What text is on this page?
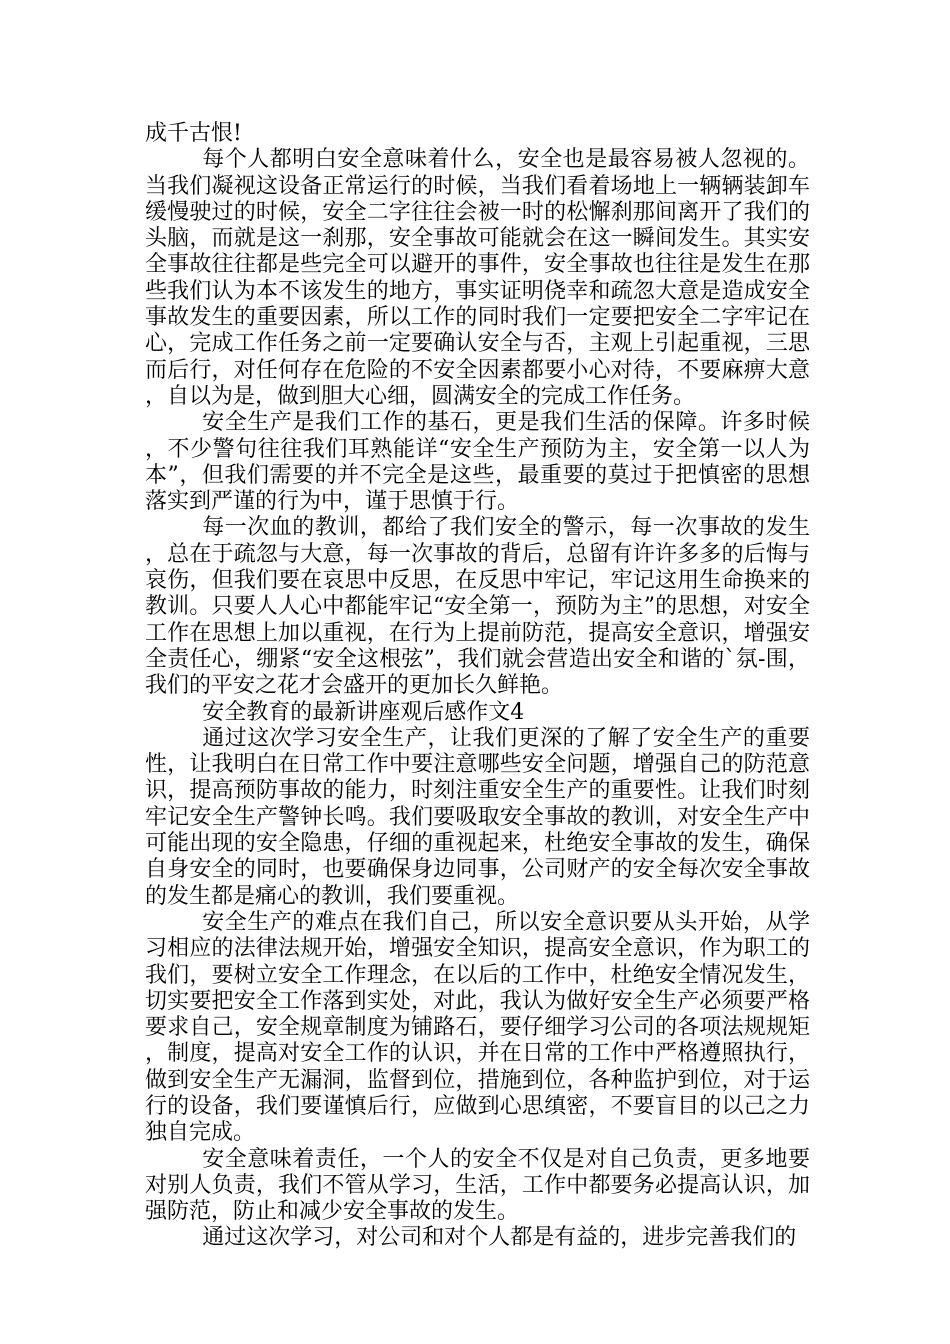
成千古恨!

每个人都明白安全意味着什么，安全也是最容易被人忽视的。当我们凝视这设备正常运行的时候，当我们看着场地上一辆辆装卸车缓慢驶过的时候，安全二字往往会被一时的松懈刹那间离开了我们的头脑，而就是这一刹那，安全事故可能就会在这一瞬间发生。其实安全事故往往都是些完全可以避开的事件，安全事故也往往是发生在那些我们认为本不该发生的地方，事实证明侥幸和疏忽大意是造成安全事故发生的重要因素，所以工作的同时我们一定要把安全二字牢记在心，完成工作任务之前一定要确认安全与否，主观上引起重视，三思而后行，对任何存在危险的不安全因素都要小心对待，不要麻痹大意，自以为是，做到胆大心细，圆满安全的完成工作任务。

安全生产是我们工作的基石，更是我们生活的保障。许多时候，不少警句往往我们耳熟能详“安全生产预防为主，安全第一以人为本”，但我们需要的并不完全是这些，最重要的莫过于把慎密的思想落实到严谨的行为中，谨于思慎于行。

每一次血的教训，都给了我们安全的警示，每一次事故的发生，总在于疏忽与大意，每一次事故的背后，总留有许许多多的后悔与哀伤，但我们要在哀思中反思，在反思中牢记，牢记这用生命换来的教训。只要人人心中都能牢记“安全第一，预防为主”的思想，对安全工作在思想上加以重视，在行为上提前防范，提高安全意识，增强安全责任心，绷紧“安全这根弦”，我们就会营造出安全和谐的`氛-围，我们的平安之花才会盛开的更加长久鲜艳。

安全教育的最新讲座观后感作文4

通过这次学习安全生产，让我们更深的了解了安全生产的重要性，让我明白在日常工作中要注意哪些安全问题，增强自己的防范意识，提高预防事故的能力，时刻注重安全生产的重要性。让我们时刻牢记安全生产警钟长鸣。我们要吸取安全事故的教训，对安全生产中可能出现的安全隐患，仔细的重视起来，杜绝安全事故的发生，确保自身安全的同时，也要确保身边同事，公司财产的安全每次安全事故的发生都是痛心的教训，我们要重视。

安全生产的难点在我们自己，所以安全意识要从头开始，从学习相应的法律法规开始，增强安全知识，提高安全意识，作为职工的我们，要树立安全工作理念，在以后的工作中，杜绝安全情况发生，切实要把安全工作落到实处，对此，我认为做好安全生产必须要严格要求自己，安全规章制度为铺路石，要仔细学习公司的各项法规规矩，制度，提高对安全工作的认识，并在日常的工作中严格遵照执行，做到安全生产无漏洞，监督到位，措施到位，各种监护到位，对于运行的设备，我们要谨慎后行，应做到心思缜密，不要盲目的以己之力独自完成。

安全意味着责任，一个人的安全不仅是对自己负责，更多地要对别人负责，我们不管从学习，生活，工作中都要务必提高认识，加强防范，防止和减少安全事故的发生。

通过这次学习，对公司和对个人都是有益的，进步完善我们的
